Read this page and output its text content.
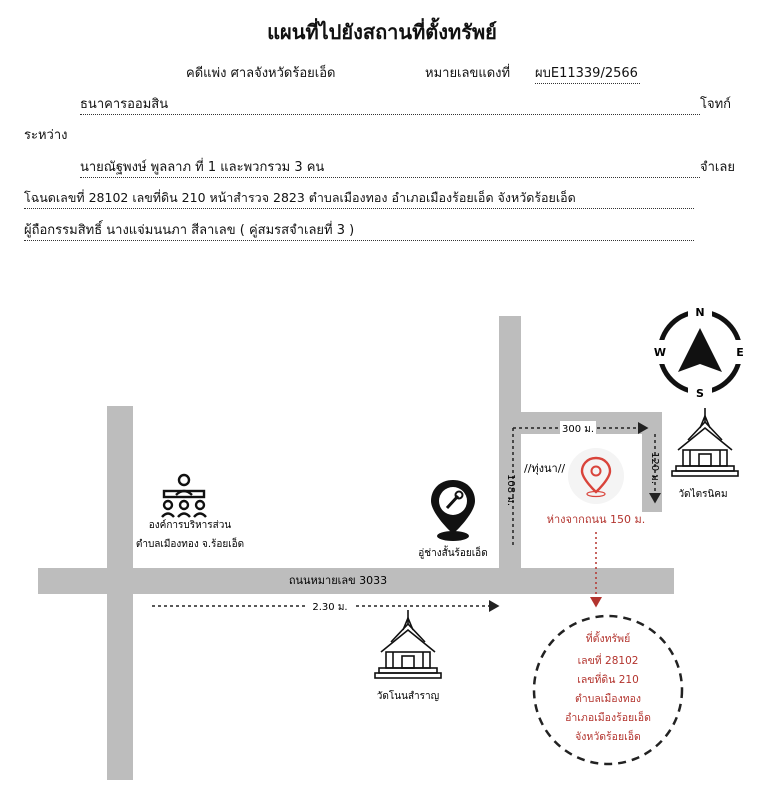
แผนที่ไปยังสถานที่ตั้งทรัพย์
คดีแพ่ง ศาลจังหวัดร้อยเอ็ด	หมายเลขแดงที่ ผบE11339/2566
ธนาคารออมสิน	โจทก์
ระหว่าง
นายณัฐพงษ์ พูลลาภ ที่ 1 และพวกรวม 3 คน	จำเลย
โฉนดเลขที่ 28102 เลขที่ดิน 210 หน้าสำรวจ 2823 ตำบลเมืองทอง อำเภอเมืองร้อยเอ็ด จังหวัดร้อยเอ็ด
ผู้ถือกรรมสิทธิ์ นางแจ่มนนภา สีลาเลข ( คู่สมรสจำเลยที่ 3 )
ถนนหมายเลข 3033
2.30 ม.
300 ม.
120 ม.
108 ม.
//ทุ่งนา//
ห่างจากถนน 150 ม.
ที่ตั้งทรัพย์
เลขที่ 28102
เลขที่ดิน 210
ตำบลเมืองทอง
อำเภอเมืองร้อยเอ็ด
จังหวัดร้อยเอ็ด
N
S
W	E
องค์การบริหารส่วน
ตำบลเมืองทอง จ.ร้อยเอ็ด
อู่ช่างสั้นร้อยเอ็ด
วัดไตรนิคม
วัดโนนสำราญ
